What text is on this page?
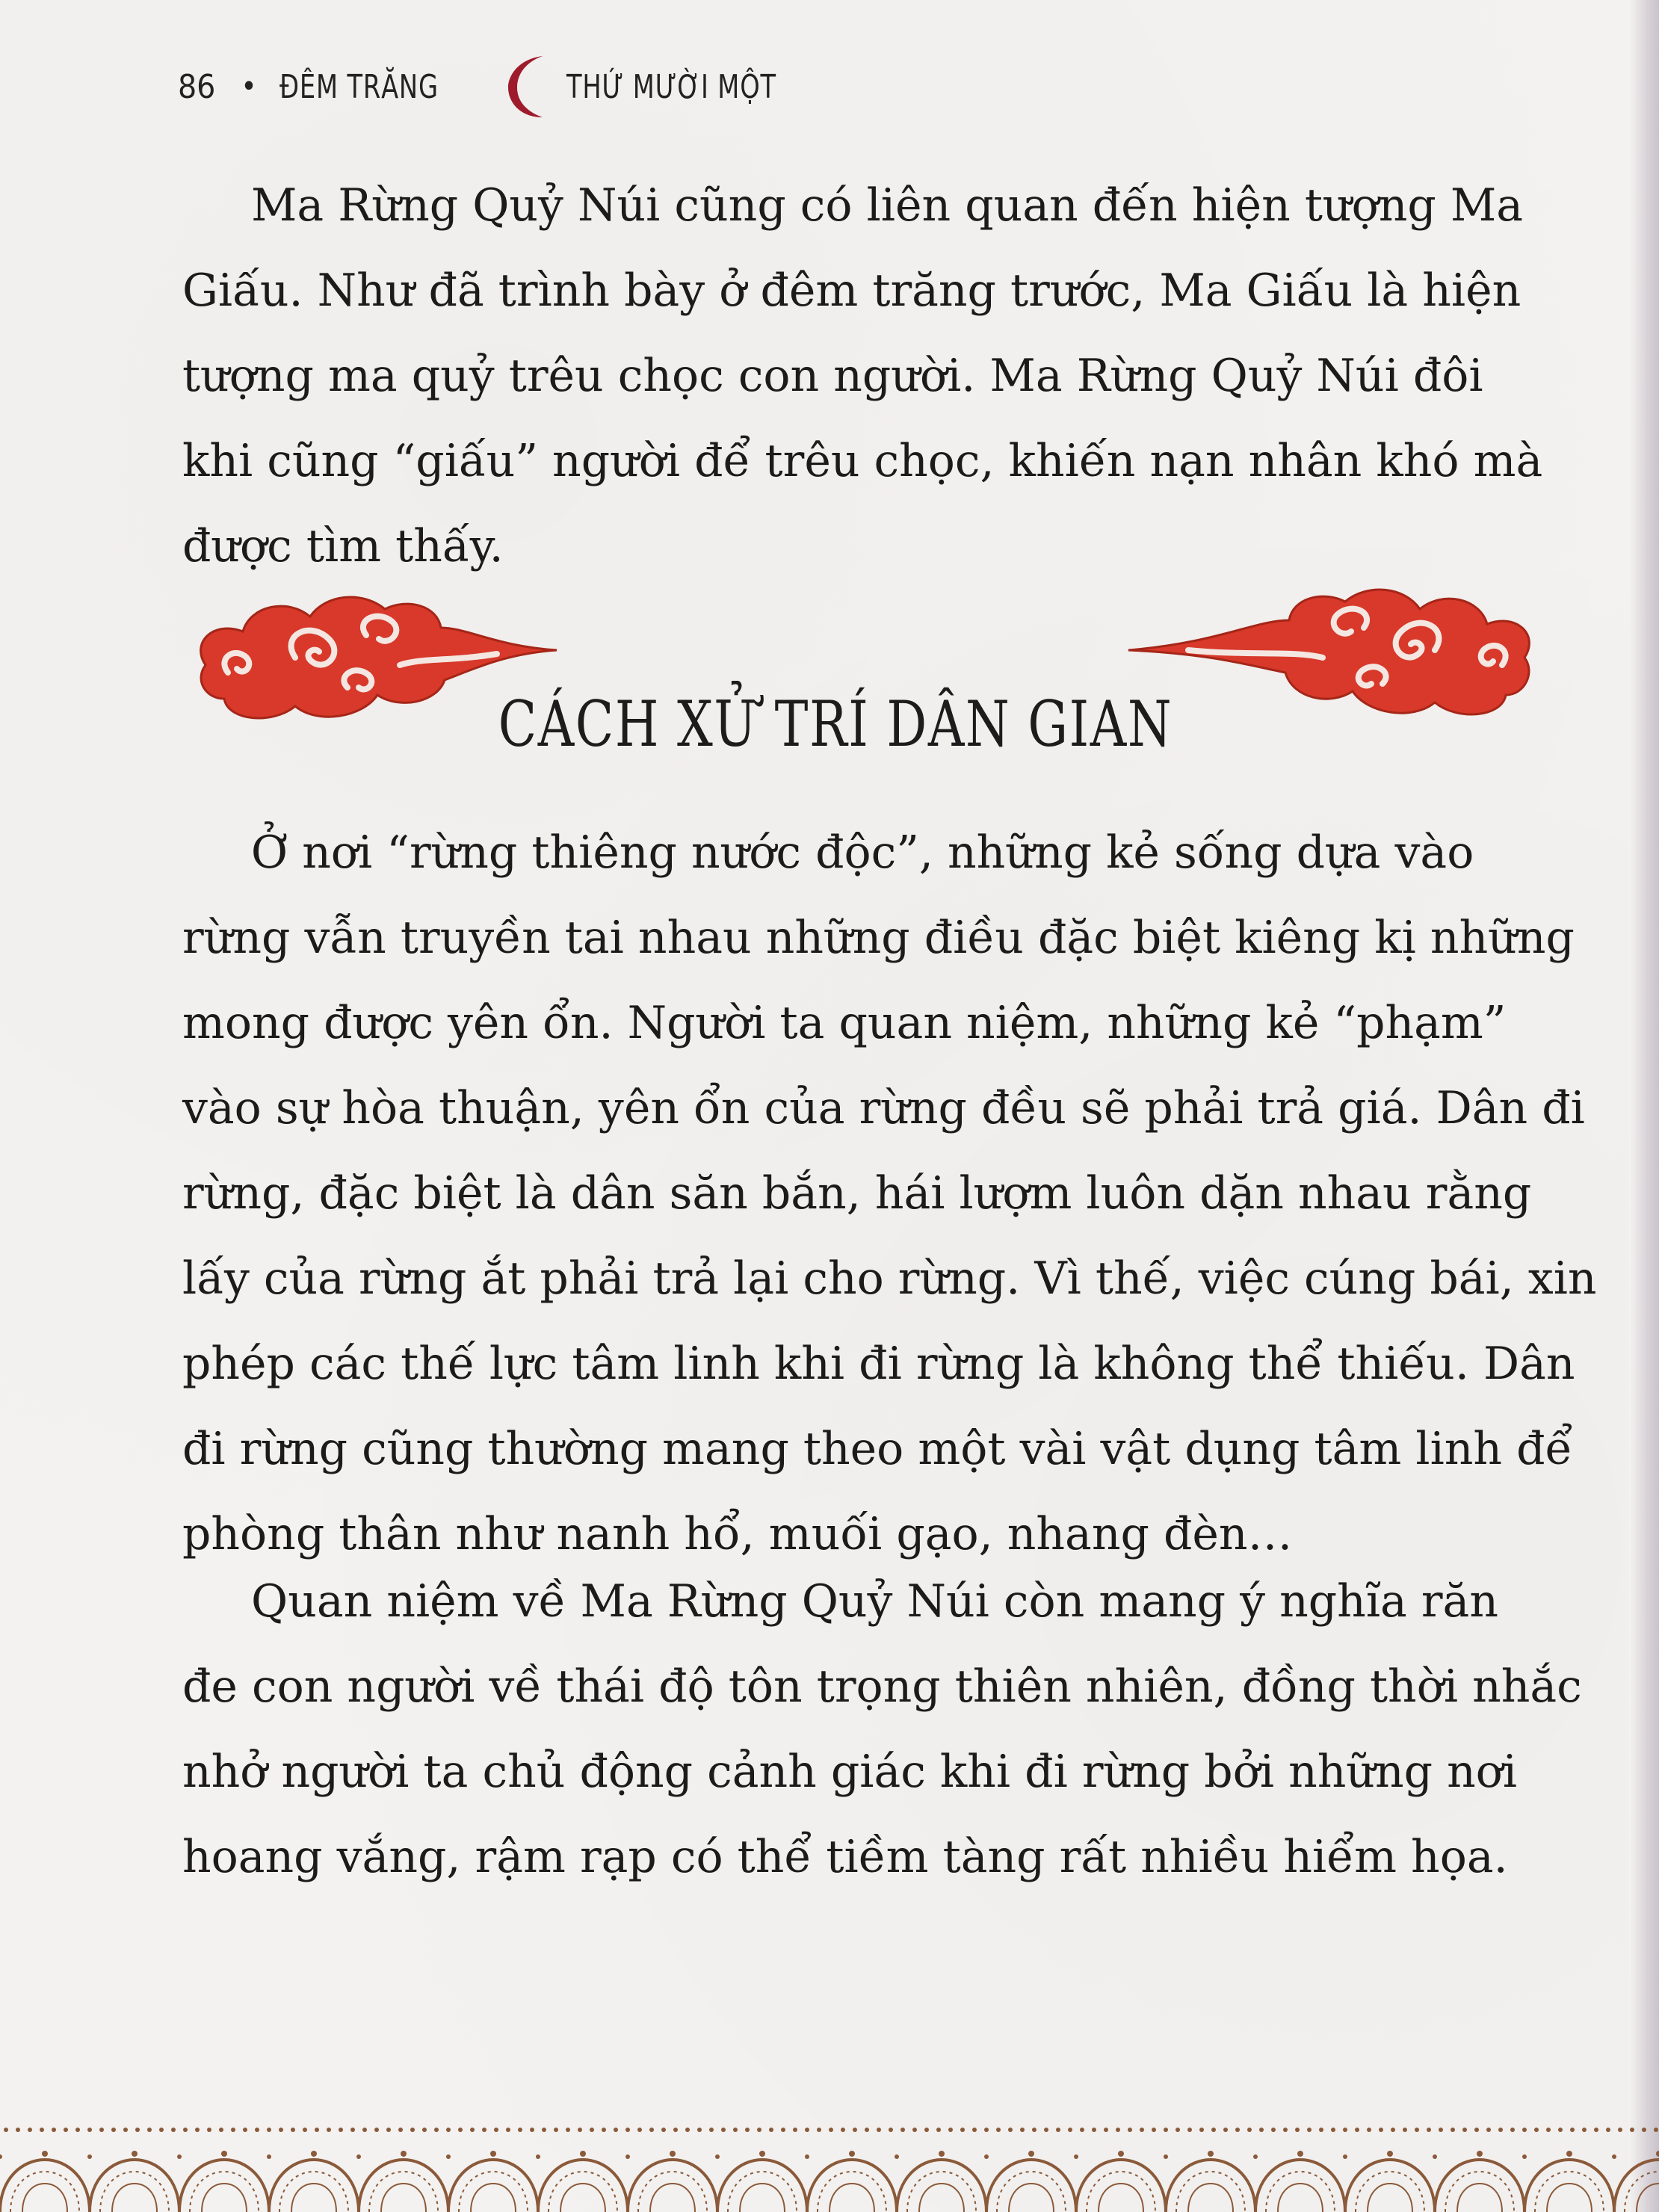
86 • ĐÊM TRĂNG	THỨ MƯỜI MỘT
Ma Rừng Quỷ Núi cũng có liên quan đến hiện tượng Ma
Giấu. Như đã trình bày ở đêm trăng trước, Ma Giấu là hiện
tượng ma quỷ trêu chọc con người. Ma Rừng Quỷ Núi đôi
khi cũng “giấu” người để trêu chọc, khiến nạn nhân khó mà
được tìm thấy.
CÁCH XỬ TRÍ DÂN GIAN
Ở nơi “rừng thiêng nước độc”, những kẻ sống dựa vào
rừng vẫn truyền tai nhau những điều đặc biệt kiêng kị những
mong được yên ổn. Người ta quan niệm, những kẻ “phạm”
vào sự hòa thuận, yên ổn của rừng đều sẽ phải trả giá. Dân đi
rừng, đặc biệt là dân săn bắn, hái lượm luôn dặn nhau rằng
lấy của rừng ắt phải trả lại cho rừng. Vì thế, việc cúng bái, xin
phép các thế lực tâm linh khi đi rừng là không thể thiếu. Dân
đi rừng cũng thường mang theo một vài vật dụng tâm linh để
phòng thân như nanh hổ, muối gạo, nhang đèn…
Quan niệm về Ma Rừng Quỷ Núi còn mang ý nghĩa răn
đe con người về thái độ tôn trọng thiên nhiên, đồng thời nhắc
nhở người ta chủ động cảnh giác khi đi rừng bởi những nơi
hoang vắng, rậm rạp có thể tiềm tàng rất nhiều hiểm họa.
